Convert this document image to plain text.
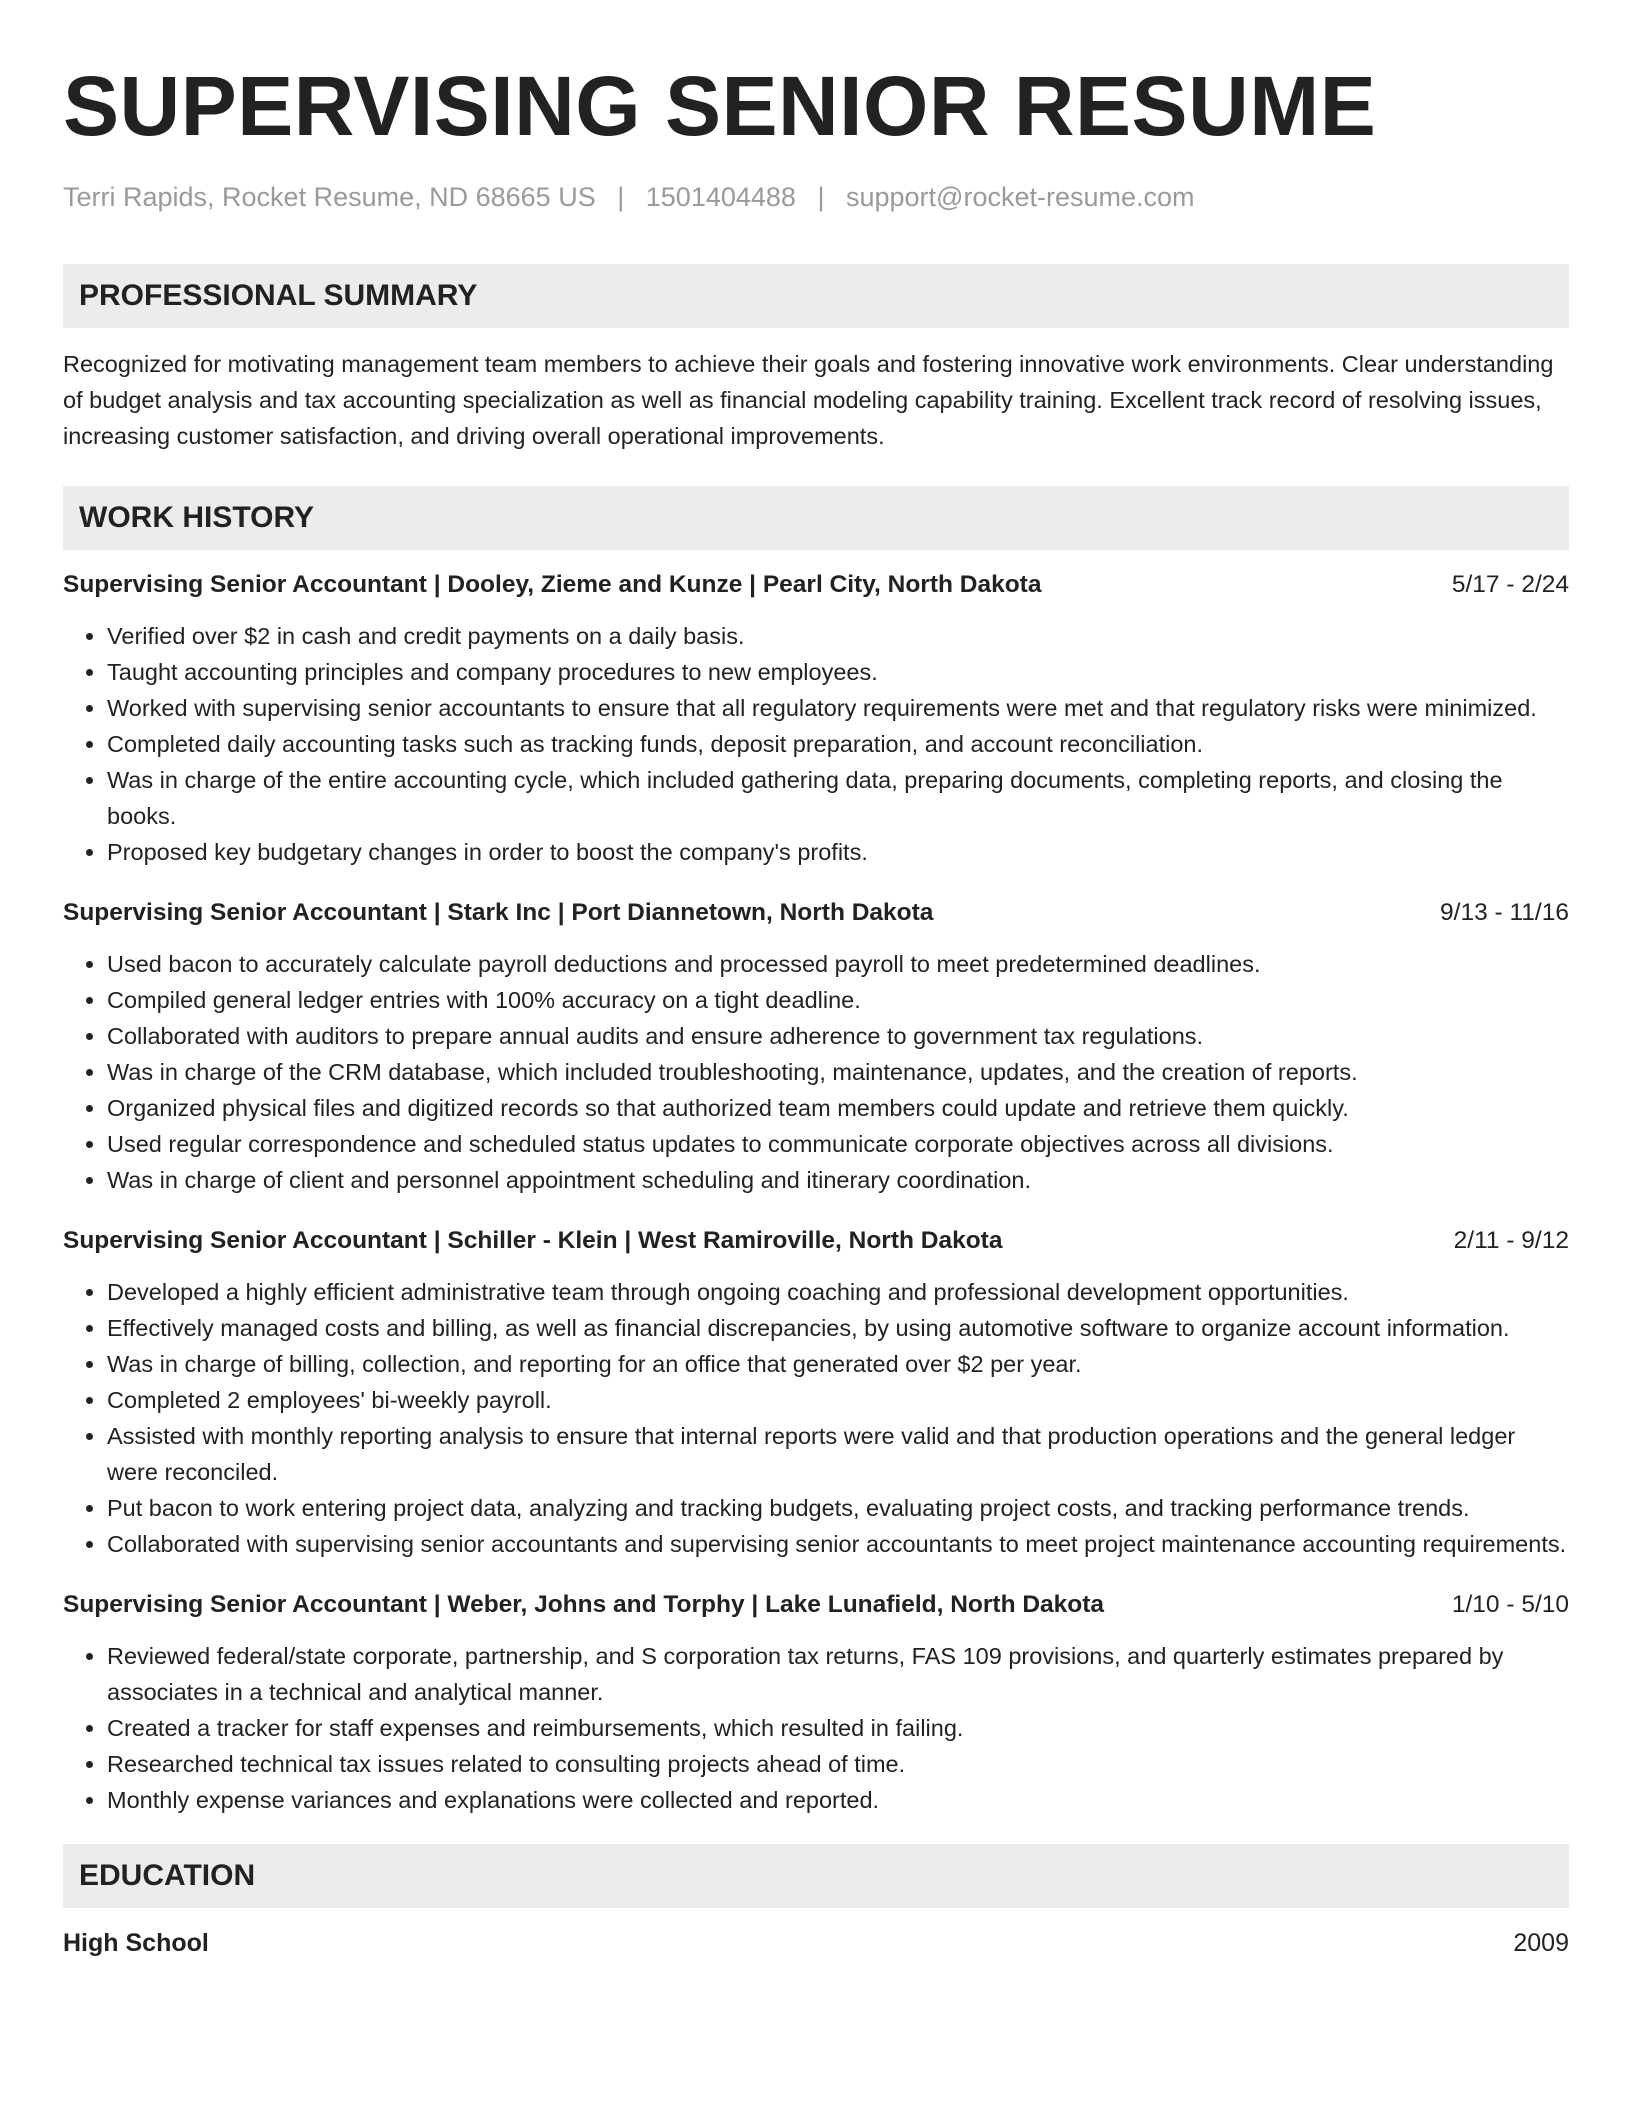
SUPERVISING SENIOR RESUME
Terri Rapids, Rocket Resume, ND 68665 US | 1501404488 | support@rocket-resume.com
PROFESSIONAL SUMMARY

Recognized for motivating management team members to achieve their goals and fostering innovative work environments. Clear understanding of budget analysis and tax accounting specialization as well as financial modeling capability training. Excellent track record of resolving issues, increasing customer satisfaction, and driving overall operational improvements.

WORK HISTORY
Supervising Senior Accountant | Dooley, Zieme and Kunze | Pearl City, North Dakota	5/17 - 2/24
• Verified over $2 in cash and credit payments on a daily basis.
• Taught accounting principles and company procedures to new employees.
• Worked with supervising senior accountants to ensure that all regulatory requirements were met and that regulatory risks were minimized.
• Completed daily accounting tasks such as tracking funds, deposit preparation, and account reconciliation.
• Was in charge of the entire accounting cycle, which included gathering data, preparing documents, completing reports, and closing the books.
• Proposed key budgetary changes in order to boost the company's profits.
Supervising Senior Accountant | Stark Inc | Port Diannetown, North Dakota	9/13 - 11/16
• Used bacon to accurately calculate payroll deductions and processed payroll to meet predetermined deadlines.
• Compiled general ledger entries with 100% accuracy on a tight deadline.
• Collaborated with auditors to prepare annual audits and ensure adherence to government tax regulations.
• Was in charge of the CRM database, which included troubleshooting, maintenance, updates, and the creation of reports.
• Organized physical files and digitized records so that authorized team members could update and retrieve them quickly.
• Used regular correspondence and scheduled status updates to communicate corporate objectives across all divisions.
• Was in charge of client and personnel appointment scheduling and itinerary coordination.
Supervising Senior Accountant | Schiller - Klein | West Ramiroville, North Dakota	2/11 - 9/12
• Developed a highly efficient administrative team through ongoing coaching and professional development opportunities.
• Effectively managed costs and billing, as well as financial discrepancies, by using automotive software to organize account information.
• Was in charge of billing, collection, and reporting for an office that generated over $2 per year.
• Completed 2 employees' bi-weekly payroll.
• Assisted with monthly reporting analysis to ensure that internal reports were valid and that production operations and the general ledger were reconciled.
• Put bacon to work entering project data, analyzing and tracking budgets, evaluating project costs, and tracking performance trends.
• Collaborated with supervising senior accountants and supervising senior accountants to meet project maintenance accounting requirements.
Supervising Senior Accountant | Weber, Johns and Torphy | Lake Lunafield, North Dakota	1/10 - 5/10
• Reviewed federal/state corporate, partnership, and S corporation tax returns, FAS 109 provisions, and quarterly estimates prepared by associates in a technical and analytical manner.
• Created a tracker for staff expenses and reimbursements, which resulted in failing.
• Researched technical tax issues related to consulting projects ahead of time.
• Monthly expense variances and explanations were collected and reported.
EDUCATION
High School	2009
